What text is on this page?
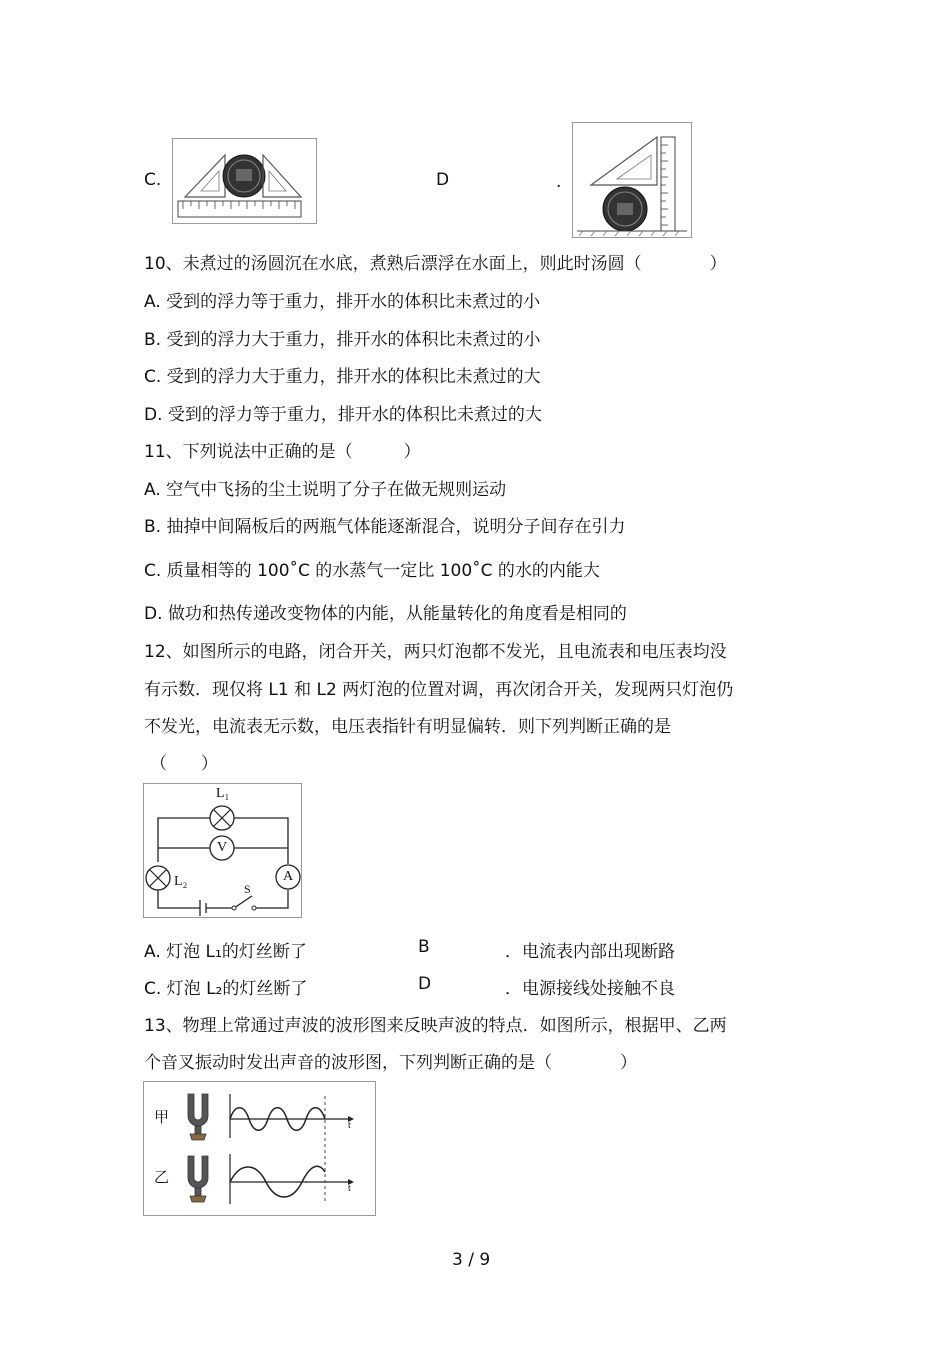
C.	D	.
10、未煮过的汤圆沉在水底，煮熟后漂浮在水面上，则此时汤圆（　　　　）
A. 受到的浮力等于重力，排开水的体积比未煮过的小
B. 受到的浮力大于重力，排开水的体积比未煮过的小
C. 受到的浮力大于重力，排开水的体积比未煮过的大
D. 受到的浮力等于重力，排开水的体积比未煮过的大
11、下列说法中正确的是（　　　）
A. 空气中飞扬的尘土说明了分子在做无规则运动
B. 抽掉中间隔板后的两瓶气体能逐渐混合，说明分子间存在引力
C. 质量相等的 100˚C 的水蒸气一定比 100˚C 的水的内能大
D. 做功和热传递改变物体的内能，从能量转化的角度看是相同的
12、如图所示的电路，闭合开关，两只灯泡都不发光，且电流表和电压表均没
有示数．现仅将 L1 和 L2 两灯泡的位置对调，再次闭合开关，发现两只灯泡仍
不发光，电流表无示数，电压表指针有明显偏转．则下列判断正确的是
（　　）
L₁
V
L₂	A
S
A. 灯泡 L₁的灯丝断了	B	．电流表内部出现断路
C. 灯泡 L₂的灯丝断了	D	．电源接线处接触不良
13、物理上常通过声波的波形图来反映声波的特点．如图所示，根据甲、乙两
个音叉振动时发出声音的波形图，下列判断正确的是（　　　　）
甲
乙
t
t
3 / 9
